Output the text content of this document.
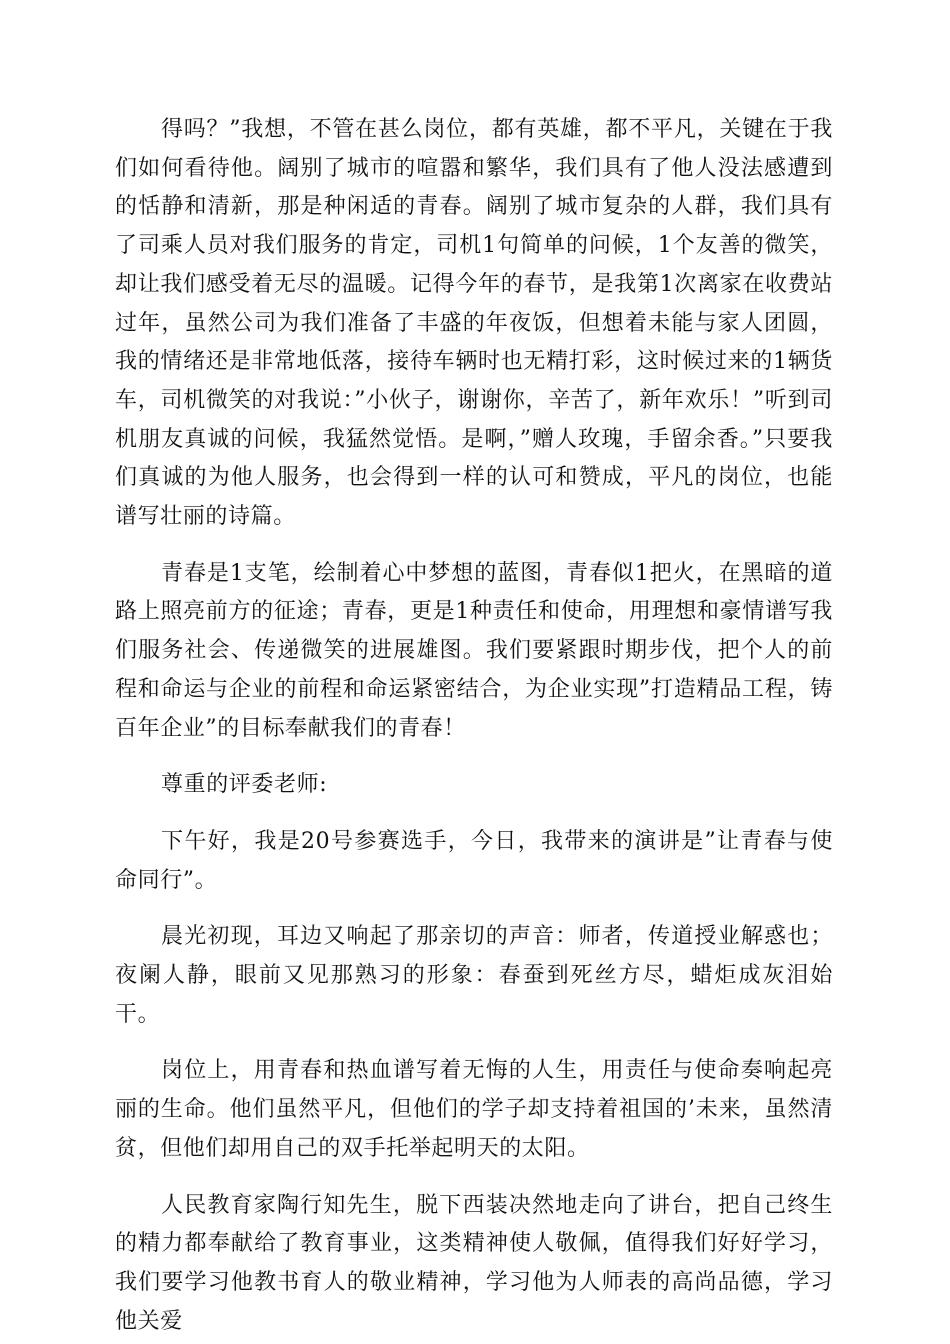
得吗？”我想，不管在甚么岗位，都有英雄，都不平凡，关键在于我们如何看待他。阔别了城市的喧嚣和繁华，我们具有了他人没法感遭到的恬静和清新，那是种闲适的青春。阔别了城市复杂的人群，我们具有了司乘人员对我们服务的肯定，司机1句简单的问候，1个友善的微笑，却让我们感受着无尽的温暖。记得今年的春节，是我第1次离家在收费站过年，虽然公司为我们准备了丰盛的年夜饭，但想着未能与家人团圆，我的情绪还是非常地低落，接待车辆时也无精打彩，这时候过来的1辆货车，司机微笑的对我说：”小伙子，谢谢你，辛苦了，新年欢乐！”听到司机朋友真诚的问候，我猛然觉悟。是啊，”赠人玫瑰，手留余香。”只要我们真诚的为他人服务，也会得到一样的认可和赞成，平凡的岗位，也能谱写壮丽的诗篇。

青春是1支笔，绘制着心中梦想的蓝图，青春似1把火，在黑暗的道路上照亮前方的征途；青春，更是1种责任和使命，用理想和豪情谱写我们服务社会、传递微笑的进展雄图。我们要紧跟时期步伐，把个人的前程和命运与企业的前程和命运紧密结合，为企业实现”打造精品工程，铸百年企业”的目标奉献我们的青春！

尊重的评委老师:

下午好，我是20号参赛选手，今日，我带来的演讲是”让青春与使命同行”。

晨光初现，耳边又响起了那亲切的声音：师者，传道授业解惑也；夜阑人静，眼前又见那熟习的形象：春蚕到死丝方尽，蜡炬成灰泪始干。

岗位上，用青春和热血谱写着无悔的人生，用责任与使命奏响起亮丽的生命。他们虽然平凡，但他们的学子却支持着祖国的’未来，虽然清贫，但他们却用自己的双手托举起明天的太阳。

人民教育家陶行知先生，脱下西装决然地走向了讲台，把自己终生的精力都奉献给了教育事业，这类精神使人敬佩，值得我们好好学习，我们要学习他教书育人的敬业精神，学习他为人师表的高尚品德，学习他关爱
